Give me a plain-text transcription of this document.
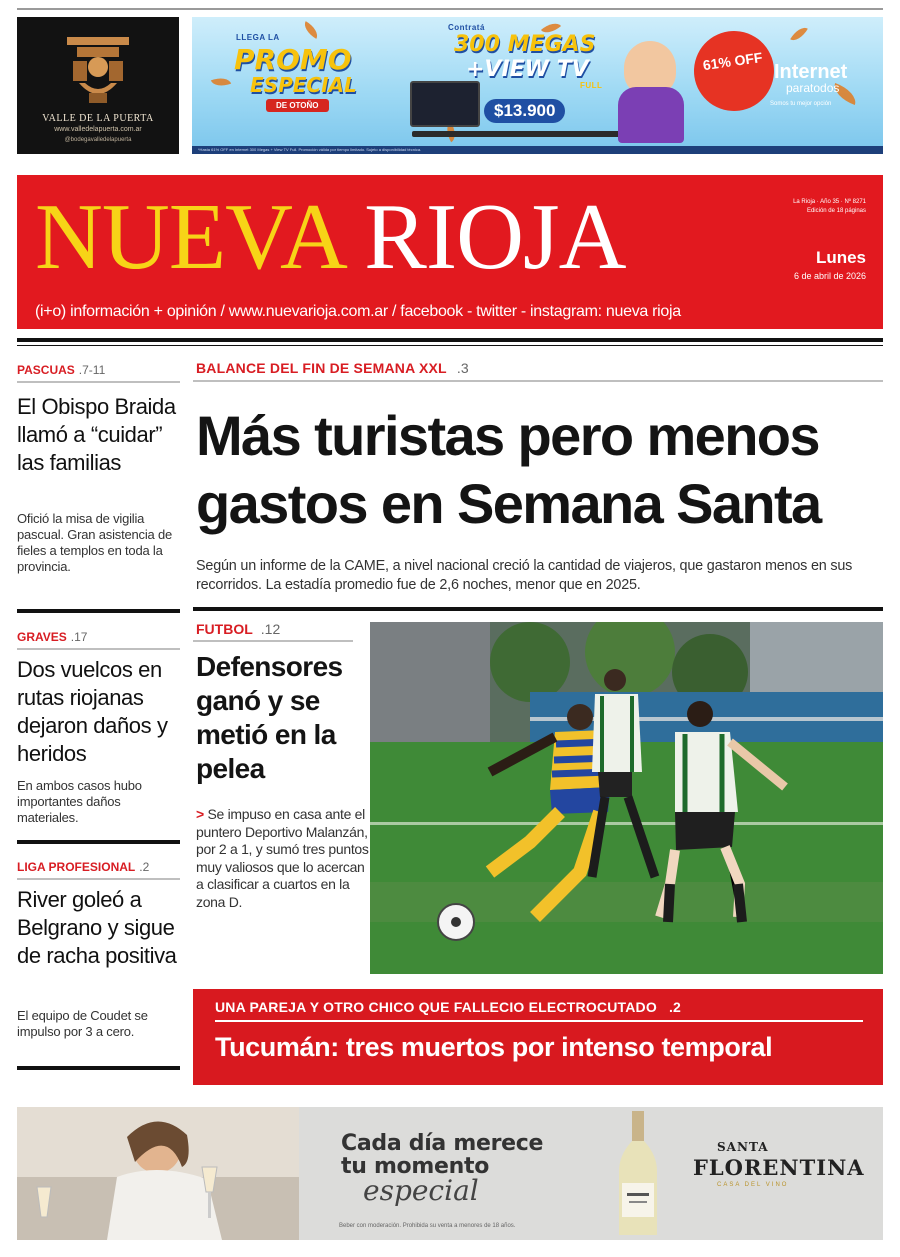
VALLE DE LA PUERTA
www.valledelapuerta.com.ar
@bodegavalledelapuerta
LLEGA LA
PROMO
ESPECIAL
DE OTOÑO
Contratá
300 MEGAS
+VIEW TV
FULL
$13.900
61% OFF Internet
paratodos
Somos tu mejor opción
*Hasta 61% OFF en Internet 300 Megas + View TV Full. Promoción válida por tiempo limitado. Sujeto a disponibilidad técnica.
NUEVA RIOJA	La Rioja · Año 35 · Nº 8271
Edición de 18 páginas
Lunes
6 de abril de 2026
(i+o) información + opinión / www.nuevarioja.com.ar / facebook - twitter - instagram: nueva rioja
PASCUAS .7-11
El Obispo Braida llamó a “cuidar” las familias
Ofició la misa de vigilia pascual. Gran asistencia de fieles a templos en toda la provincia.
GRAVES .17
Dos vuelcos en rutas riojanas dejaron daños y heridos
En ambos casos hubo importantes daños materiales.
LIGA PROFESIONAL .2
River goleó a Belgrano y sigue de racha positiva
El equipo de Coudet se impulso por 3 a cero.
BALANCE DEL FIN DE SEMANA XXL .3
Más turistas pero menos
gastos en Semana Santa
Según un informe de la CAME, a nivel nacional creció la cantidad de viajeros, que gastaron menos en sus recorridos. La estadía promedio fue de 2,6 noches, menor que en 2025.
FUTBOL .12
Defensores ganó y se metió en la pelea
> Se impuso en casa ante el puntero Deportivo Malanzán, por 2 a 1, y sumó tres puntos muy valiosos que lo acercan a clasificar a cuartos en la zona D.
UNA PAREJA Y OTRO CHICO QUE FALLECIO ELECTROCUTADO .2
Tucumán: tres muertos por intenso temporal
Cada día merece
tu momento
especial
Beber con moderación. Prohibida su venta a menores de 18 años.
SANTA
FLORENTINA
CASA DEL VINO
